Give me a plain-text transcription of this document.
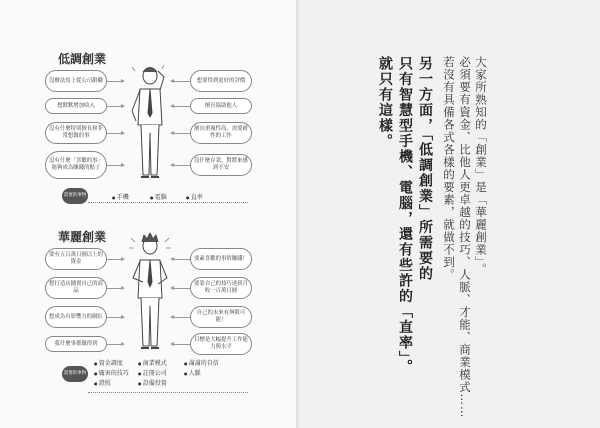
低調創業
沒辦法馬上從公司辭職
想默默增加收入
沒有什麼特別擅長和非常想做的事
沒有什麼「喜歡的事」能夠成為賺錢的點子
想要得到更好的評價
擅長協助他人
擅長重複性高、需要耐性的工作
沒什麼存款，對將來感到不安
需要的事物	● 手機	● 電腦	● 直率
華麗創業
要有五百萬日圓以上的資金
想打造店鋪賣自己的商品
想成為有影響力的網紅
我什麼事都做得到
要素喜歡的事情賺錢！
要靠自己的技巧達到月收一百萬日圓
自己的未來有無限可能！
目標是大幅提升工作能力與水平
需要的事物
● 資金調度	● 商業模式	● 滿滿的自信
● 厲害的技巧	● 註冊公司	● 人脈
● 證照	● 設備投資
大家所熟知的「創業」是「華麗創業」。
必須要有資金、比他人更卓越的技巧、人脈、才能、商業模式……
若沒有具備各式各樣的要素，就做不到。
另一方面，「低調創業」所需要的
只有智慧型手機、電腦，還有些許的「直率」。
就只有這樣。
